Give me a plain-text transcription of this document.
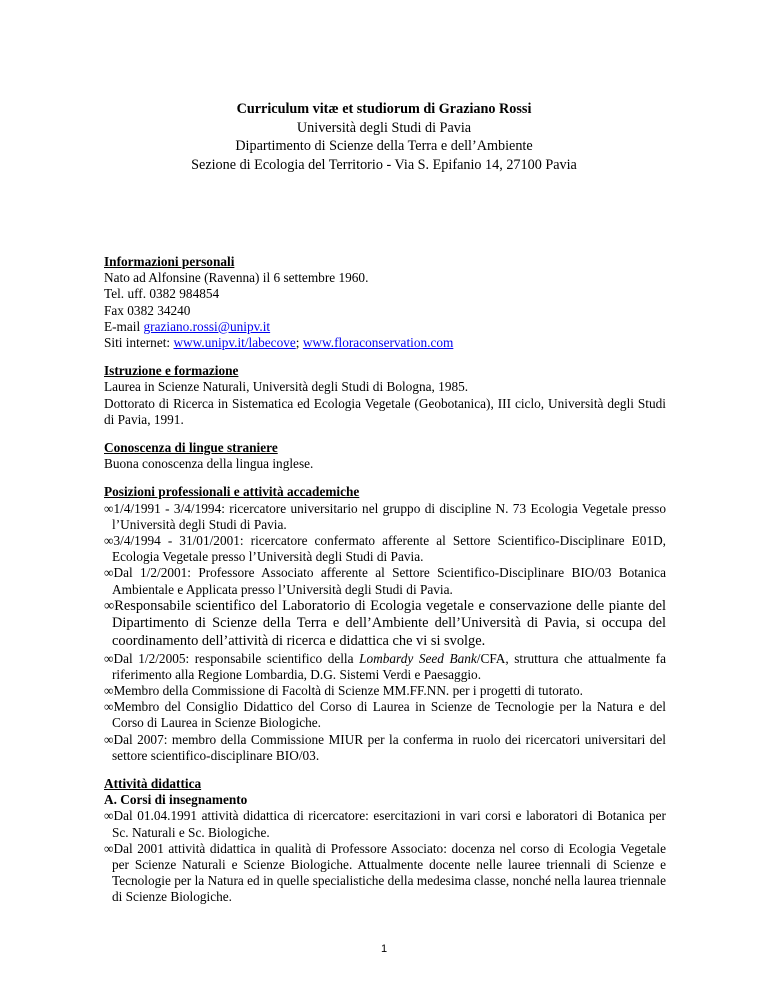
Curriculum vitæ et studiorum di Graziano Rossi
Università degli Studi di Pavia
Dipartimento di Scienze della Terra e dell’Ambiente
Sezione di Ecologia del Territorio - Via S. Epifanio 14, 27100 Pavia
Informazioni personali

Nato ad Alfonsine (Ravenna) il 6 settembre 1960.

Tel. uff. 0382 984854

Fax 0382 34240

E-mail graziano.rossi@unipv.it

Siti internet: www.unipv.it/labecove; www.floraconservation.com

Istruzione e formazione

Laurea in Scienze Naturali, Università degli Studi di Bologna, 1985.

Dottorato di Ricerca in Sistematica ed Ecologia Vegetale (Geobotanica), III ciclo, Università degli Studi di Pavia, 1991.

Conoscenza di lingue straniere

Buona conoscenza della lingua inglese.

Posizioni professionali e attività accademiche
∞1/4/1991 - 3/4/1994: ricercatore universitario nel gruppo di discipline N. 73 Ecologia Vegetale presso l’Università degli Studi di Pavia.
∞3/4/1994 - 31/01/2001: ricercatore confermato afferente al Settore Scientifico-Disciplinare E01D, Ecologia Vegetale presso l’Università degli Studi di Pavia.
∞Dal 1/2/2001: Professore Associato afferente al Settore Scientifico-Disciplinare BIO/03 Botanica Ambientale e Applicata presso l’Università degli Studi di Pavia.
∞Responsabile scientifico del Laboratorio di Ecologia vegetale e conservazione delle piante del Dipartimento di Scienze della Terra e dell’Ambiente dell’Università di Pavia, si occupa del coordinamento dell’attività di ricerca e didattica che vi si svolge.
∞Dal 1/2/2005: responsabile scientifico della Lombardy Seed Bank/CFA, struttura che attualmente fa riferimento alla Regione Lombardia, D.G. Sistemi Verdi e Paesaggio.
∞Membro della Commissione di Facoltà di Scienze MM.FF.NN. per i progetti di tutorato.
∞Membro del Consiglio Didattico del Corso di Laurea in Scienze de Tecnologie per la Natura e del Corso di Laurea in Scienze Biologiche.
∞Dal 2007: membro della Commissione MIUR per la conferma in ruolo dei ricercatori universitari del settore scientifico-disciplinare BIO/03.
Attività didattica
A. Corsi di insegnamento
∞Dal 01.04.1991 attività didattica di ricercatore: esercitazioni in vari corsi e laboratori di Botanica per Sc. Naturali e Sc. Biologiche.
∞Dal 2001 attività didattica in qualità di Professore Associato: docenza nel corso di Ecologia Vegetale per Scienze Naturali e Scienze Biologiche. Attualmente docente nelle lauree triennali di Scienze e Tecnologie per la Natura ed in quelle specialistiche della medesima classe, nonché nella laurea triennale di Scienze Biologiche.
1
